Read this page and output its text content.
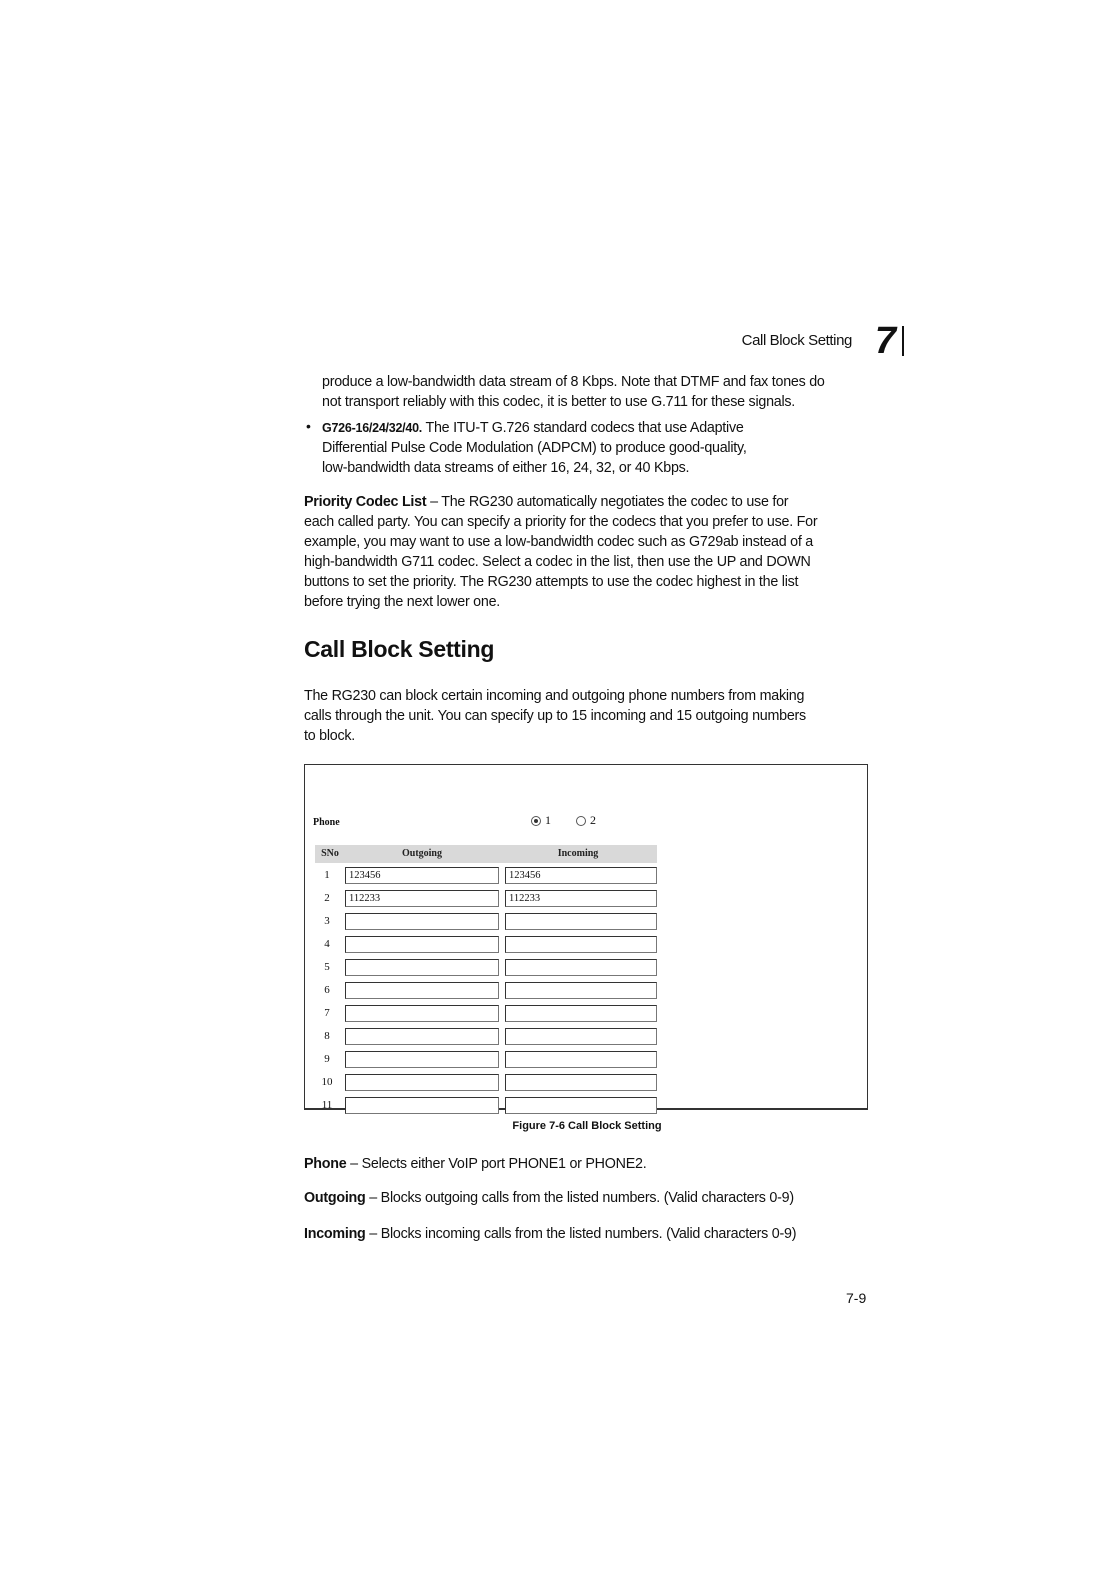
Call Block Setting 7

produce a low-bandwidth data stream of 8 Kbps. Note that DTMF and fax tones do

not transport reliably with this codec, it is better to use G.711 for these signals.

• G726-16/24/32/40. The ITU-T G.726 standard codecs that use Adaptive

Differential Pulse Code Modulation (ADPCM) to produce good-quality,

low-bandwidth data streams of either 16, 24, 32, or 40 Kbps.

Priority Codec List – The RG230 automatically negotiates the codec to use for

each called party. You can specify a priority for the codecs that you prefer to use. For

example, you may want to use a low-bandwidth codec such as G729ab instead of a

high-bandwidth G711 codec. Select a codec in the list, then use the UP and DOWN

buttons to set the priority. The RG230 attempts to use the codec highest in the list

before trying the next lower one.

Call Block Setting

The RG230 can block certain incoming and outgoing phone numbers from making

calls through the unit. You can specify up to 15 incoming and 15 outgoing numbers

to block.

Phone	1
	2
SNo	Outgoing	Incoming
1	123456	123456
2	112233	112233
3
4
5
6
7
8
9
10
11
Figure 7-6 Call Block Setting

Phone – Selects either VoIP port PHONE1 or PHONE2.

Outgoing – Blocks outgoing calls from the listed numbers. (Valid characters 0-9)

Incoming – Blocks incoming calls from the listed numbers. (Valid characters 0-9)

7-9
